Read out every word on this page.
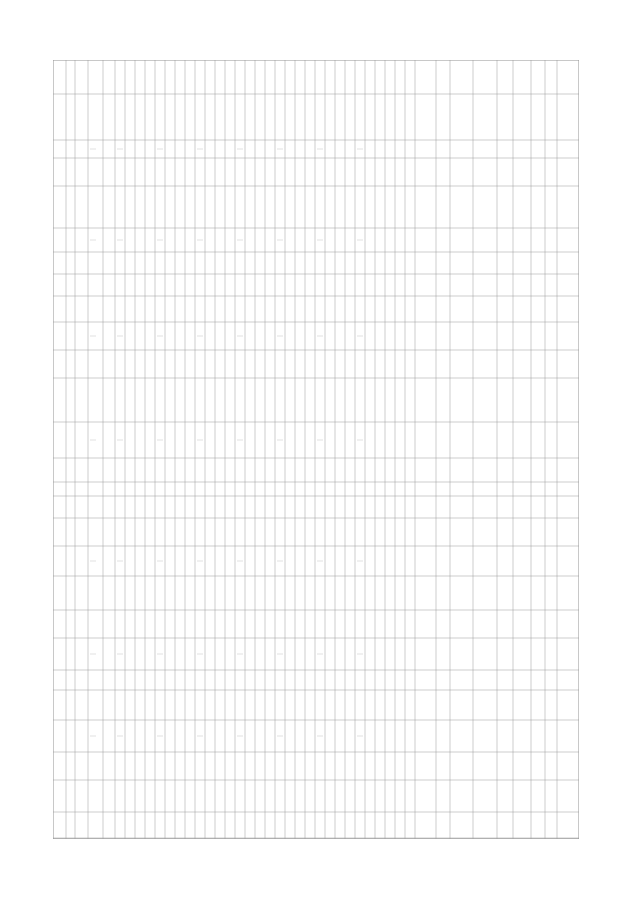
1
2
3
4
5
6
7
8
9
10
11
12
13
14
15
16
17
18
19
20
21
22
23
24
25
26
27
28
